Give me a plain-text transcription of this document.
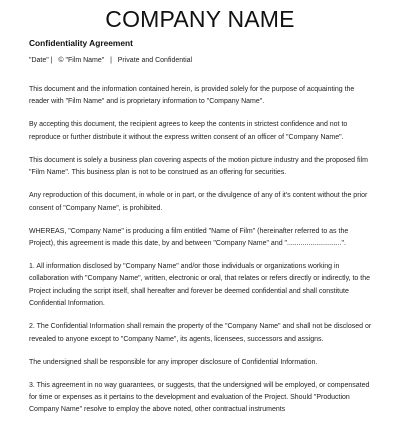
COMPANY NAME
Confidentiality Agreement
"Date" |   © "Film Name"   |   Private and Confidential

This document and the information contained herein, is provided solely for the purpose of acquainting the reader with "Film Name" and is proprietary information to "Company Name".

By accepting this document, the recipient agrees to keep the contents in strictest confidence and not to reproduce or further distribute it without the express written consent of an officer of "Company Name".

This document is solely a business plan covering aspects of the motion picture industry and the proposed film "Film Name". This business plan is not to be construed as an offering for securities.

Any reproduction of this document, in whole or in part, or the divulgence of any of it's content without the prior consent of "Company Name", is prohibited.

WHEREAS, "Company Name" is producing a film entitled "Name of Film" (hereinafter referred to as the Project), this agreement is made this date, by and between "Company Name" and "............................".

1. All information disclosed by "Company Name" and/or those individuals or organizations working in collaboration with "Company Name", written, electronic or oral, that relates or refers directly or indirectly, to the Project including the script itself, shall hereafter and forever be deemed confidential and shall constitute Confidential Information.

2. The Confidential Information shall remain the property of the "Company Name" and shall not be disclosed or revealed to anyone except to "Company Name", its agents, licensees, successors and assigns.

The undersigned shall be responsible for any improper disclosure of Confidential Information.

3. This agreement in no way guarantees, or suggests, that the undersigned will be employed, or compensated for time or expenses as it pertains to the development and evaluation of the Project. Should "Production Company Name" resolve to employ the above noted, other contractual instruments
